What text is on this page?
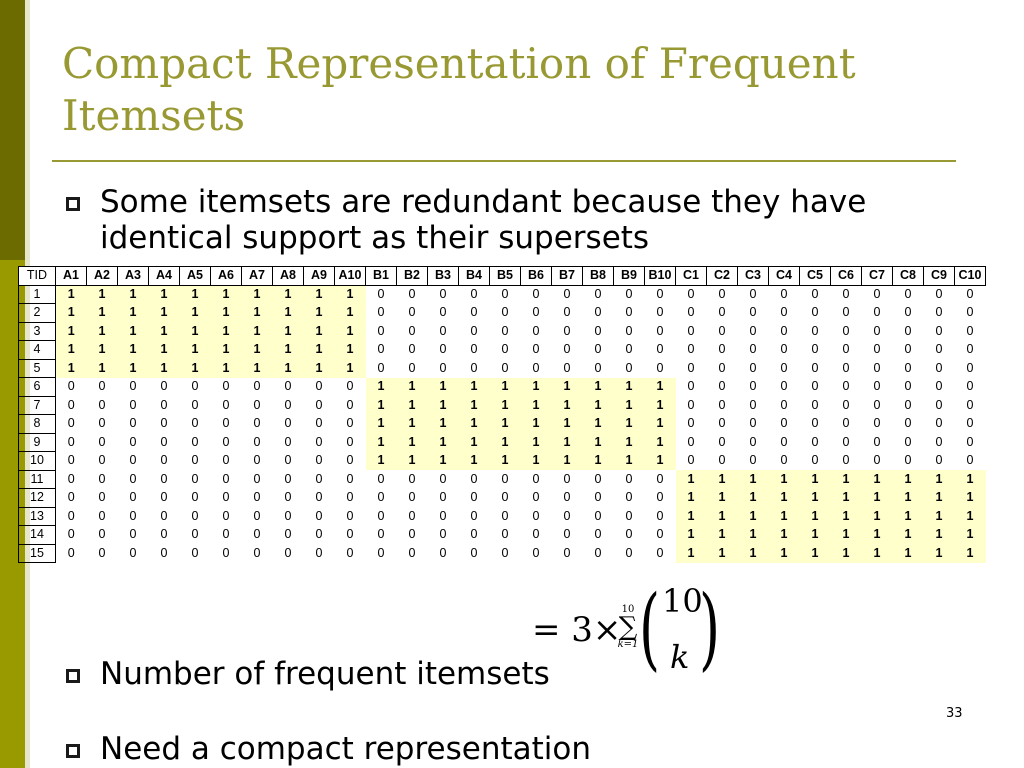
Compact Representation of Frequent Itemsets
Some itemsets are redundant because they have identical support as their supersets
TID	A1	A2	A3	A4	A5	A6	A7	A8	A9	A10	B1	B2	B3	B4	B5	B6	B7	B8	B9	B10	C1	C2	C3	C4	C5	C6	C7	C8	C9	C10
1	1	1	1	1	1	1	1	1	1	1	0	0	0	0	0	0	0	0	0	0	0	0	0	0	0	0	0	0	0	0
2	1	1	1	1	1	1	1	1	1	1	0	0	0	0	0	0	0	0	0	0	0	0	0	0	0	0	0	0	0	0
3	1	1	1	1	1	1	1	1	1	1	0	0	0	0	0	0	0	0	0	0	0	0	0	0	0	0	0	0	0	0
4	1	1	1	1	1	1	1	1	1	1	0	0	0	0	0	0	0	0	0	0	0	0	0	0	0	0	0	0	0	0
5	1	1	1	1	1	1	1	1	1	1	0	0	0	0	0	0	0	0	0	0	0	0	0	0	0	0	0	0	0	0
6	0	0	0	0	0	0	0	0	0	0	1	1	1	1	1	1	1	1	1	1	0	0	0	0	0	0	0	0	0	0
7	0	0	0	0	0	0	0	0	0	0	1	1	1	1	1	1	1	1	1	1	0	0	0	0	0	0	0	0	0	0
8	0	0	0	0	0	0	0	0	0	0	1	1	1	1	1	1	1	1	1	1	0	0	0	0	0	0	0	0	0	0
9	0	0	0	0	0	0	0	0	0	0	1	1	1	1	1	1	1	1	1	1	0	0	0	0	0	0	0	0	0	0
10	0	0	0	0	0	0	0	0	0	0	1	1	1	1	1	1	1	1	1	1	0	0	0	0	0	0	0	0	0	0
11	0	0	0	0	0	0	0	0	0	0	0	0	0	0	0	0	0	0	0	0	1	1	1	1	1	1	1	1	1	1
12	0	0	0	0	0	0	0	0	0	0	0	0	0	0	0	0	0	0	0	0	1	1	1	1	1	1	1	1	1	1
13	0	0	0	0	0	0	0	0	0	0	0	0	0	0	0	0	0	0	0	0	1	1	1	1	1	1	1	1	1	1
14	0	0	0	0	0	0	0	0	0	0	0	0	0	0	0	0	0	0	0	0	1	1	1	1	1	1	1	1	1	1
15	0	0	0	0	0	0	0	0	0	0	0	0	0	0	0	0	0	0	0	0	1	1	1	1	1	1	1	1	1	1
= 3×
10
∑
k=1 ( 10
k )
Number of frequent itemsets
33
Need a compact representation
